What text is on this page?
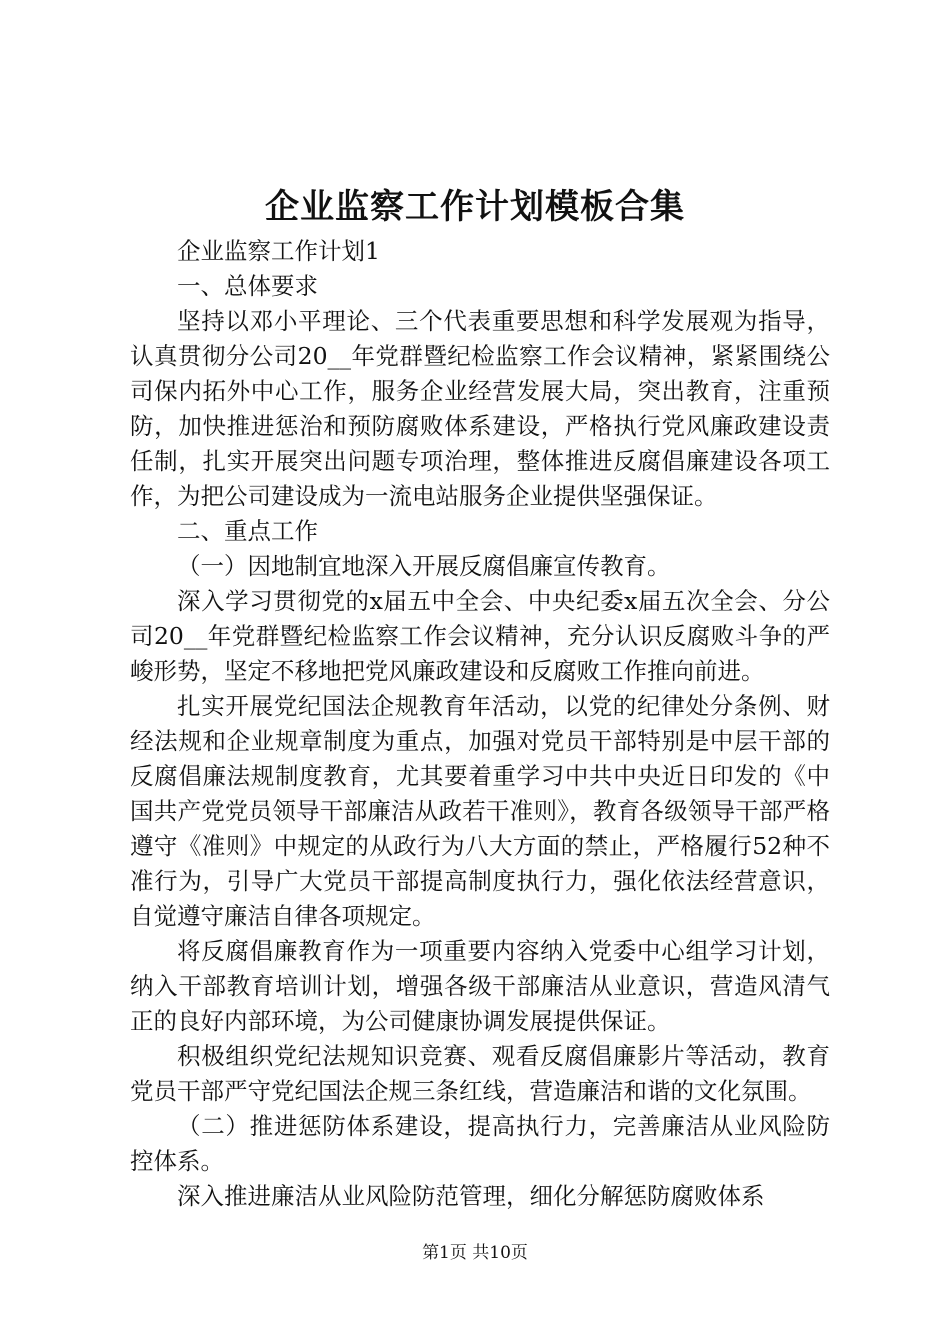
企业监察工作计划模板合集

企业监察工作计划1

一、总体要求

坚持以邓小平理论、三个代表重要思想和科学发展观为指导，认真贯彻分公司20__年党群暨纪检监察工作会议精神，紧紧围绕公司保内拓外中心工作，服务企业经营发展大局，突出教育，注重预防，加快推进惩治和预防腐败体系建设，严格执行党风廉政建设责任制，扎实开展突出问题专项治理，整体推进反腐倡廉建设各项工作，为把公司建设成为一流电站服务企业提供坚强保证。

二、重点工作

（一）因地制宜地深入开展反腐倡廉宣传教育。

深入学习贯彻党的x届五中全会、中央纪委x届五次全会、分公司20__年党群暨纪检监察工作会议精神，充分认识反腐败斗争的严峻形势，坚定不移地把党风廉政建设和反腐败工作推向前进。

扎实开展党纪国法企规教育年活动，以党的纪律处分条例、财经法规和企业规章制度为重点，加强对党员干部特别是中层干部的反腐倡廉法规制度教育，尤其要着重学习中共中央近日印发的《中国共产党党员领导干部廉洁从政若干准则》，教育各级领导干部严格遵守《准则》中规定的从政行为八大方面的禁止，严格履行52种不准行为，引导广大党员干部提高制度执行力，强化依法经营意识，自觉遵守廉洁自律各项规定。

将反腐倡廉教育作为一项重要内容纳入党委中心组学习计划，纳入干部教育培训计划，增强各级干部廉洁从业意识，营造风清气正的良好内部环境，为公司健康协调发展提供保证。

积极组织党纪法规知识竞赛、观看反腐倡廉影片等活动，教育党员干部严守党纪国法企规三条红线，营造廉洁和谐的文化氛围。

（二）推进惩防体系建设，提高执行力，完善廉洁从业风险防控体系。

深入推进廉洁从业风险防范管理，细化分解惩防腐败体系

第1页 共10页
